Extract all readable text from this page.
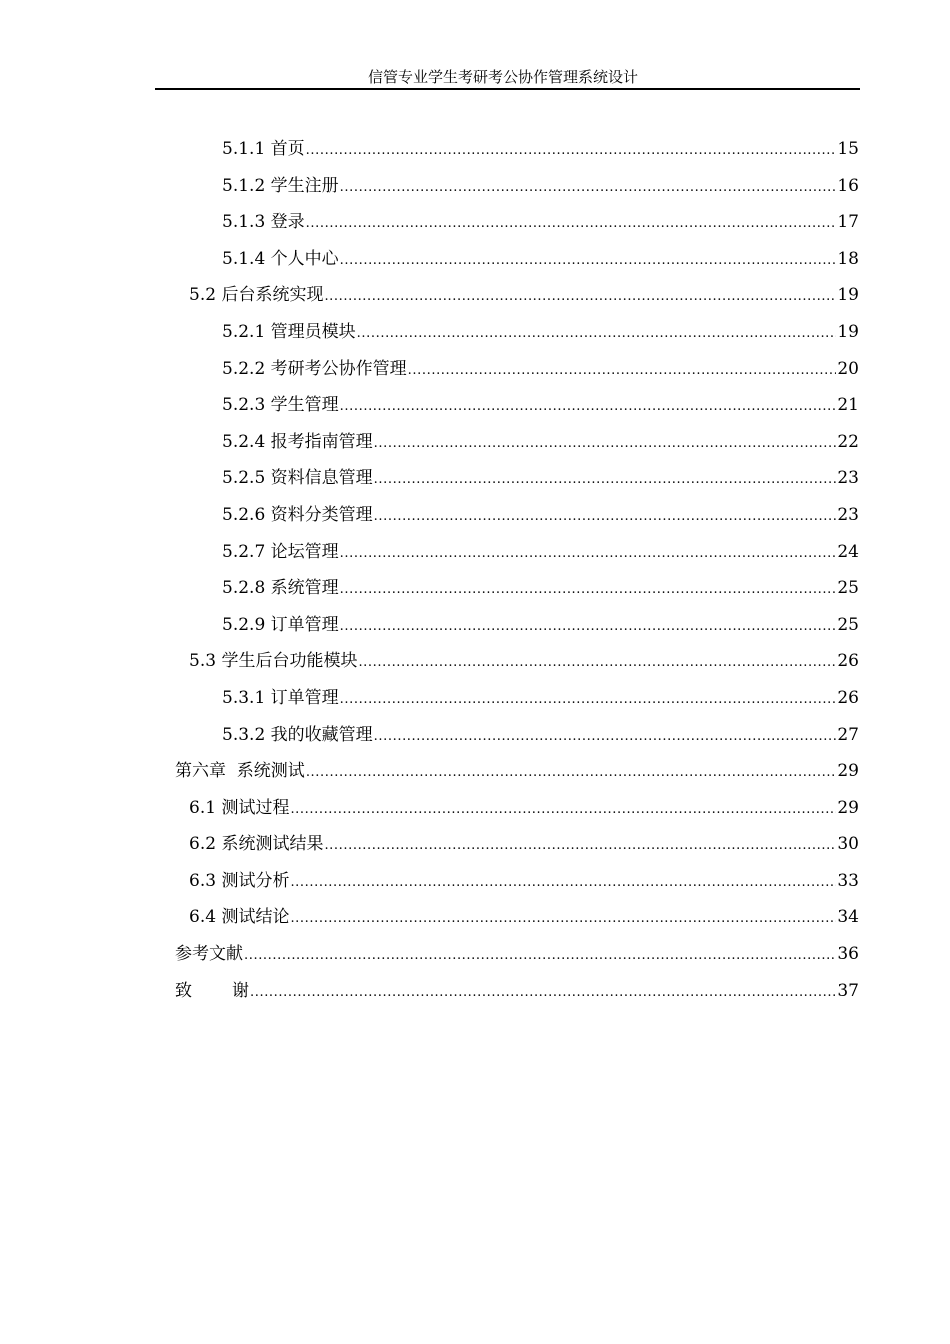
信管专业学生考研考公协作管理系统设计
5.1.1 首页 .....	15
5.1.2 学生注册 .....	16
5.1.3 登录 .....	17
5.1.4 个人中心 .....	18
5.2 后台系统实现 .....	19
5.2.1 管理员模块 .....	19
5.2.2 考研考公协作管理 .....	20
5.2.3 学生管理 .....	21
5.2.4 报考指南管理 .....	22
5.2.5 资料信息管理 .....	23
5.2.6 资料分类管理 .....	23
5.2.7 论坛管理 .....	24
5.2.8 系统管理 .....	25
5.2.9 订单管理 .....	25
5.3 学生后台功能模块 .....	26
5.3.1 订单管理 .....	26
5.3.2 我的收藏管理 .....	27
第六章  系统测试 .....	29
6.1 测试过程 .....	29
6.2 系统测试结果 .....	30
6.3 测试分析 .....	33
6.4 测试结论 .....	34
参考文献 .....	36
致 谢 .....	37
